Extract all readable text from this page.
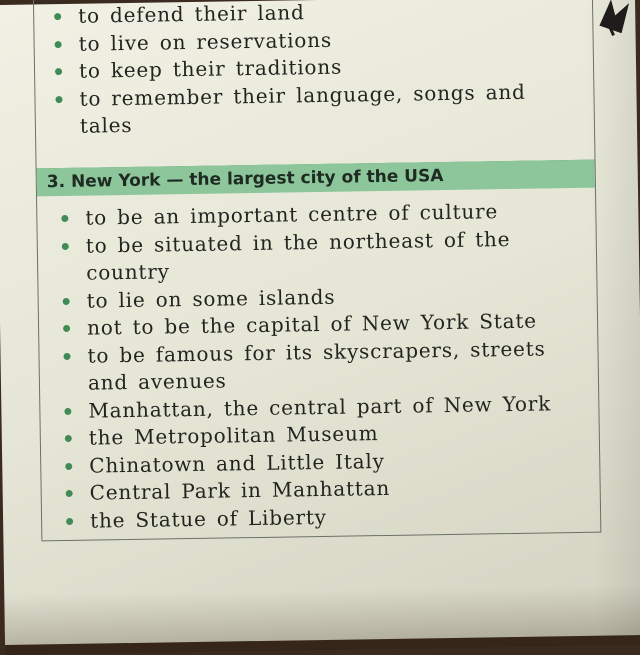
to defend their land
to live on reservations
to keep their traditions
to remember their language, songs and tales
3. New York — the largest city of the USA
to be an important centre of culture
to be situated in the northeast of the country
to lie on some islands
not to be the capital of New York State
to be famous for its skyscrapers, streets and avenues
Manhattan, the central part of New York
the Metropolitan Museum
Chinatown and Little Italy
Central Park in Manhattan
the Statue of Liberty
